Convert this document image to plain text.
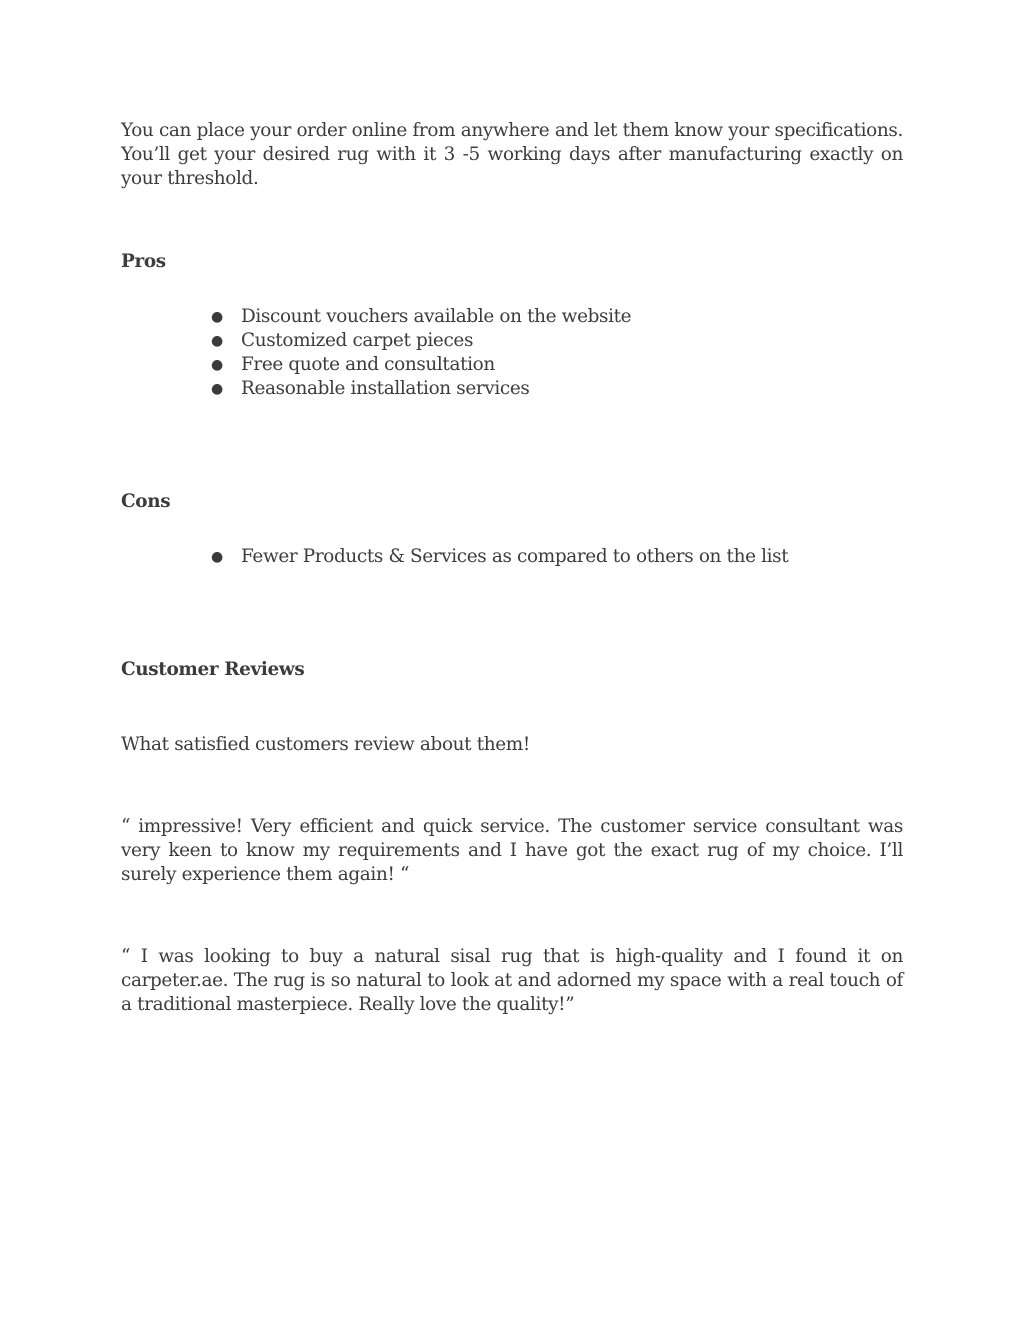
You can place your order online from anywhere and let them know your specifications. You’ll get your desired rug with it 3 -5 working days after manufacturing exactly on your threshold.

Pros

● Discount vouchers available on the website
● Customized carpet pieces
● Free quote and consultation
● Reasonable installation services

Cons

● Fewer Products & Services as compared to others on the list

Customer Reviews

What satisfied customers review about them!

“ impressive! Very efficient and quick service. The customer service consultant was very keen to know my requirements and I have got the exact rug of my choice. I’ll surely experience them again! “

“ I was looking to buy a natural sisal rug that is high-quality and I found it on carpeter.ae. The rug is so natural to look at and adorned my space with a real touch of a traditional masterpiece. Really love the quality!”
